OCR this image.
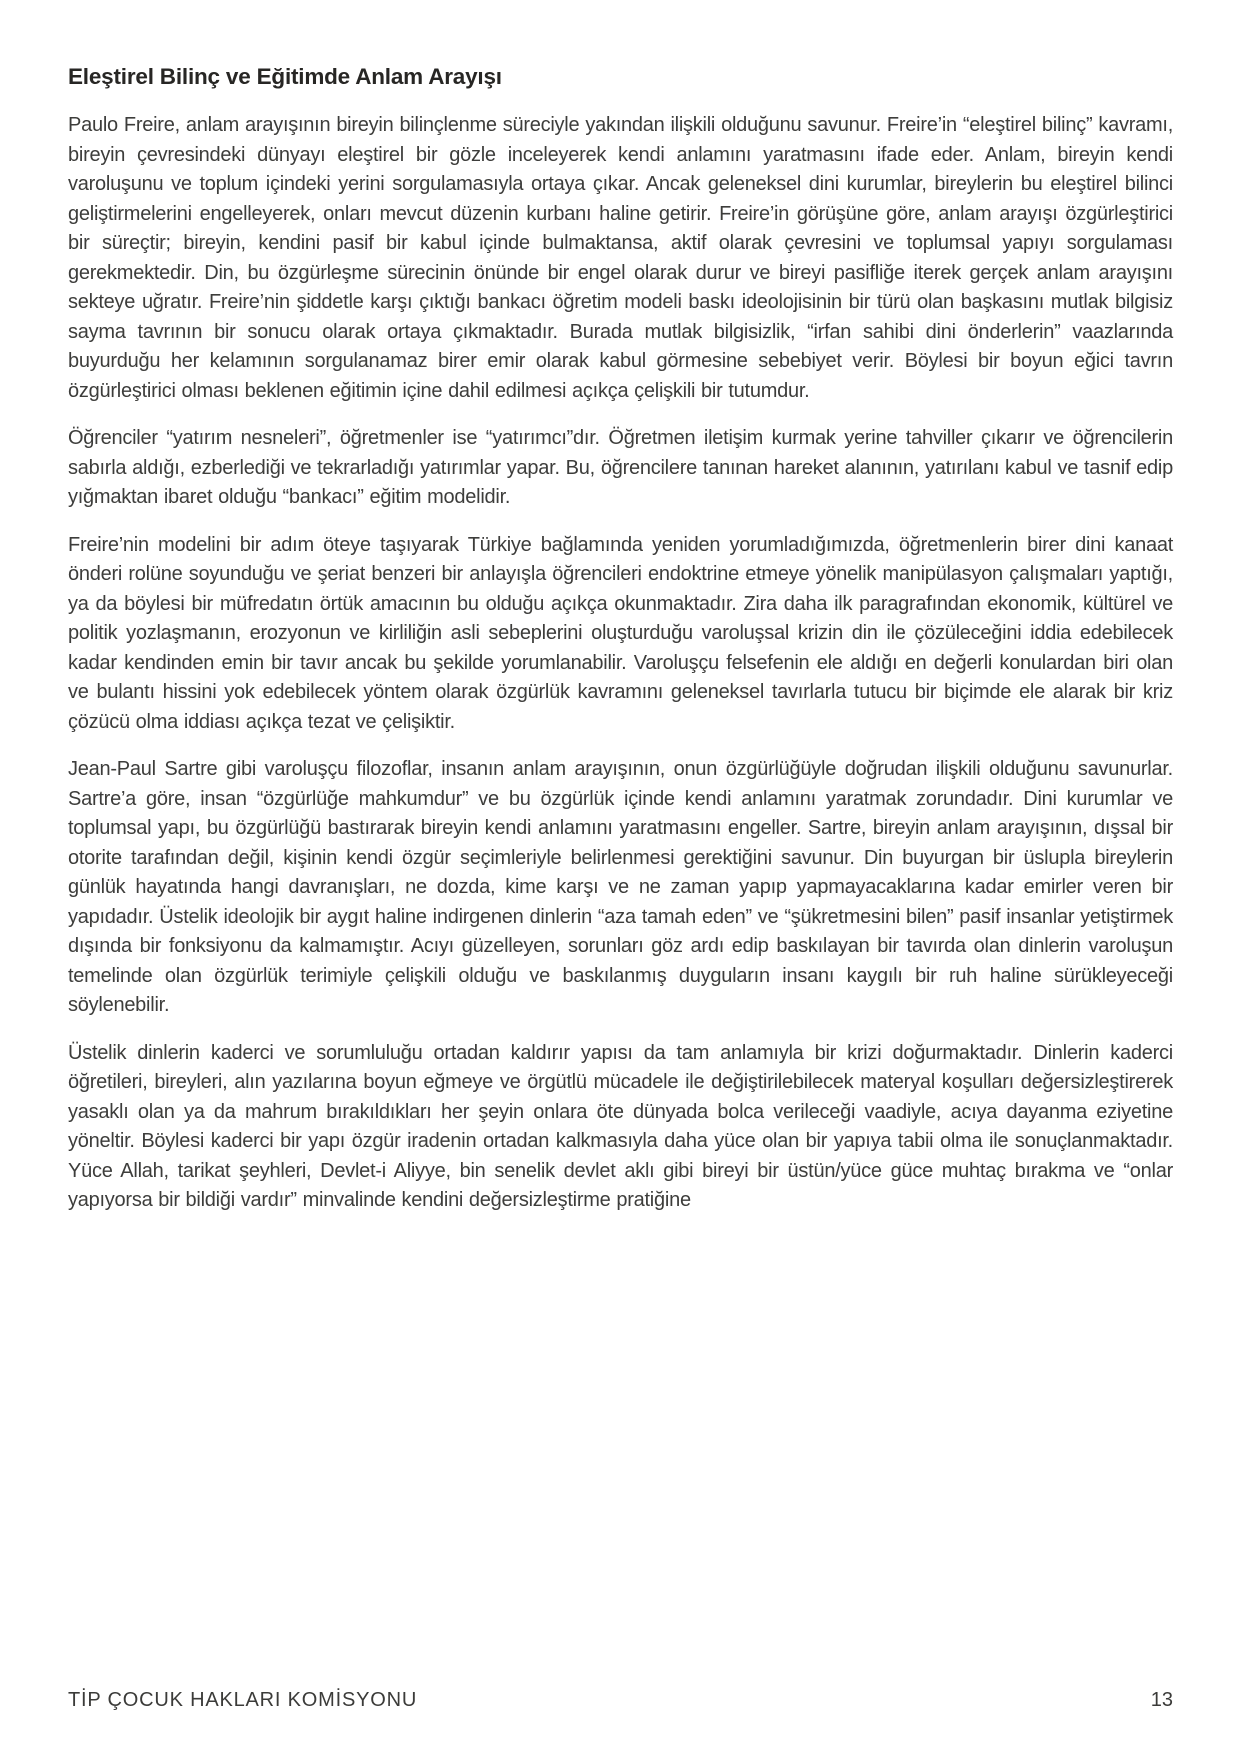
Eleştirel Bilinç ve Eğitimde Anlam Arayışı

Paulo Freire, anlam arayışının bireyin bilinçlenme süreciyle yakından ilişkili olduğunu savunur. Freire’in “eleştirel bilinç” kavramı, bireyin çevresindeki dünyayı eleştirel bir gözle inceleyerek kendi anlamını yaratmasını ifade eder. Anlam, bireyin kendi varoluşunu ve toplum içindeki yerini sorgulamasıyla ortaya çıkar. Ancak geleneksel dini kurumlar, bireylerin bu eleştirel bilinci geliştirmelerini engelleyerek, onları mevcut düzenin kurbanı haline getirir. Freire’in görüşüne göre, anlam arayışı özgürleştirici bir süreçtir; bireyin, kendini pasif bir kabul içinde bulmaktansa, aktif olarak çevresini ve toplumsal yapıyı sorgulaması gerekmektedir. Din, bu özgürleşme sürecinin önünde bir engel olarak durur ve bireyi pasifliğe iterek gerçek anlam arayışını sekteye uğratır. Freire’nin şiddetle karşı çıktığı bankacı öğretim modeli baskı ideolojisinin bir türü olan başkasını mutlak bilgisiz sayma tavrının bir sonucu olarak ortaya çıkmaktadır. Burada mutlak bilgisizlik, “irfan sahibi dini önderlerin” vaazlarında buyurduğu her kelamının sorgulanamaz birer emir olarak kabul görmesine sebebiyet verir. Böylesi bir boyun eğici tavrın özgürleştirici olması beklenen eğitimin içine dahil edilmesi açıkça çelişkili bir tutumdur.

Öğrenciler “yatırım nesneleri”, öğretmenler ise “yatırımcı”dır. Öğretmen iletişim kurmak yerine tahviller çıkarır ve öğrencilerin sabırla aldığı, ezberlediği ve tekrarladığı yatırımlar yapar. Bu, öğrencilere tanınan hareket alanının, yatırılanı kabul ve tasnif edip yığmaktan ibaret olduğu “bankacı” eğitim modelidir.

Freire’nin modelini bir adım öteye taşıyarak Türkiye bağlamında yeniden yorumladığımızda, öğretmenlerin birer dini kanaat önderi rolüne soyunduğu ve şeriat benzeri bir anlayışla öğrencileri endoktrine etmeye yönelik manipülasyon çalışmaları yaptığı, ya da böylesi bir müfredatın örtük amacının bu olduğu açıkça okunmaktadır. Zira daha ilk paragrafından ekonomik, kültürel ve politik yozlaşmanın, erozyonun ve kirliliğin asli sebeplerini oluşturduğu varoluşsal krizin din ile çözüleceğini iddia edebilecek kadar kendinden emin bir tavır ancak bu şekilde yorumlanabilir. Varoluşçu felsefenin ele aldığı en değerli konulardan biri olan ve bulantı hissini yok edebilecek yöntem olarak özgürlük kavramını geleneksel tavırlarla tutucu bir biçimde ele alarak bir kriz çözücü olma iddiası açıkça tezat ve çelişiktir.

Jean-Paul Sartre gibi varoluşçu filozoflar, insanın anlam arayışının, onun özgürlüğüyle doğrudan ilişkili olduğunu savunurlar. Sartre’a göre, insan “özgürlüğe mahkumdur” ve bu özgürlük içinde kendi anlamını yaratmak zorundadır. Dini kurumlar ve toplumsal yapı, bu özgürlüğü bastırarak bireyin kendi anlamını yaratmasını engeller. Sartre, bireyin anlam arayışının, dışsal bir otorite tarafından değil, kişinin kendi özgür seçimleriyle belirlenmesi gerektiğini savunur. Din buyurgan bir üslupla bireylerin günlük hayatında hangi davranışları, ne dozda, kime karşı ve ne zaman yapıp yapmayacaklarına kadar emirler veren bir yapıdadır. Üstelik ideolojik bir aygıt haline indirgenen dinlerin “aza tamah eden” ve “şükretmesini bilen” pasif insanlar yetiştirmek dışında bir fonksiyonu da kalmamıştır. Acıyı güzelleyen, sorunları göz ardı edip baskılayan bir tavırda olan dinlerin varoluşun temelinde olan özgürlük terimiyle çelişkili olduğu ve baskılanmış duyguların insanı kaygılı bir ruh haline sürükleyeceği söylenebilir.

Üstelik dinlerin kaderci ve sorumluluğu ortadan kaldırır yapısı da tam anlamıyla bir krizi doğurmaktadır. Dinlerin kaderci öğretileri, bireyleri, alın yazılarına boyun eğmeye ve örgütlü mücadele ile değiştirilebilecek materyal koşulları değersizleştirerek yasaklı olan ya da mahrum bırakıldıkları her şeyin onlara öte dünyada bolca verileceği vaadiyle, acıya dayanma eziyetine yöneltir. Böylesi kaderci bir yapı özgür iradenin ortadan kalkmasıyla daha yüce olan bir yapıya tabii olma ile sonuçlanmaktadır. Yüce Allah, tarikat şeyhleri, Devlet-i Aliyye, bin senelik devlet aklı gibi bireyi bir üstün/yüce güce muhtaç bırakma ve “onlar yapıyorsa bir bildiği vardır” minvalinde kendini değersizleştirme pratiğine

TİP ÇOCUK HAKLARI KOMİSYONU	13
